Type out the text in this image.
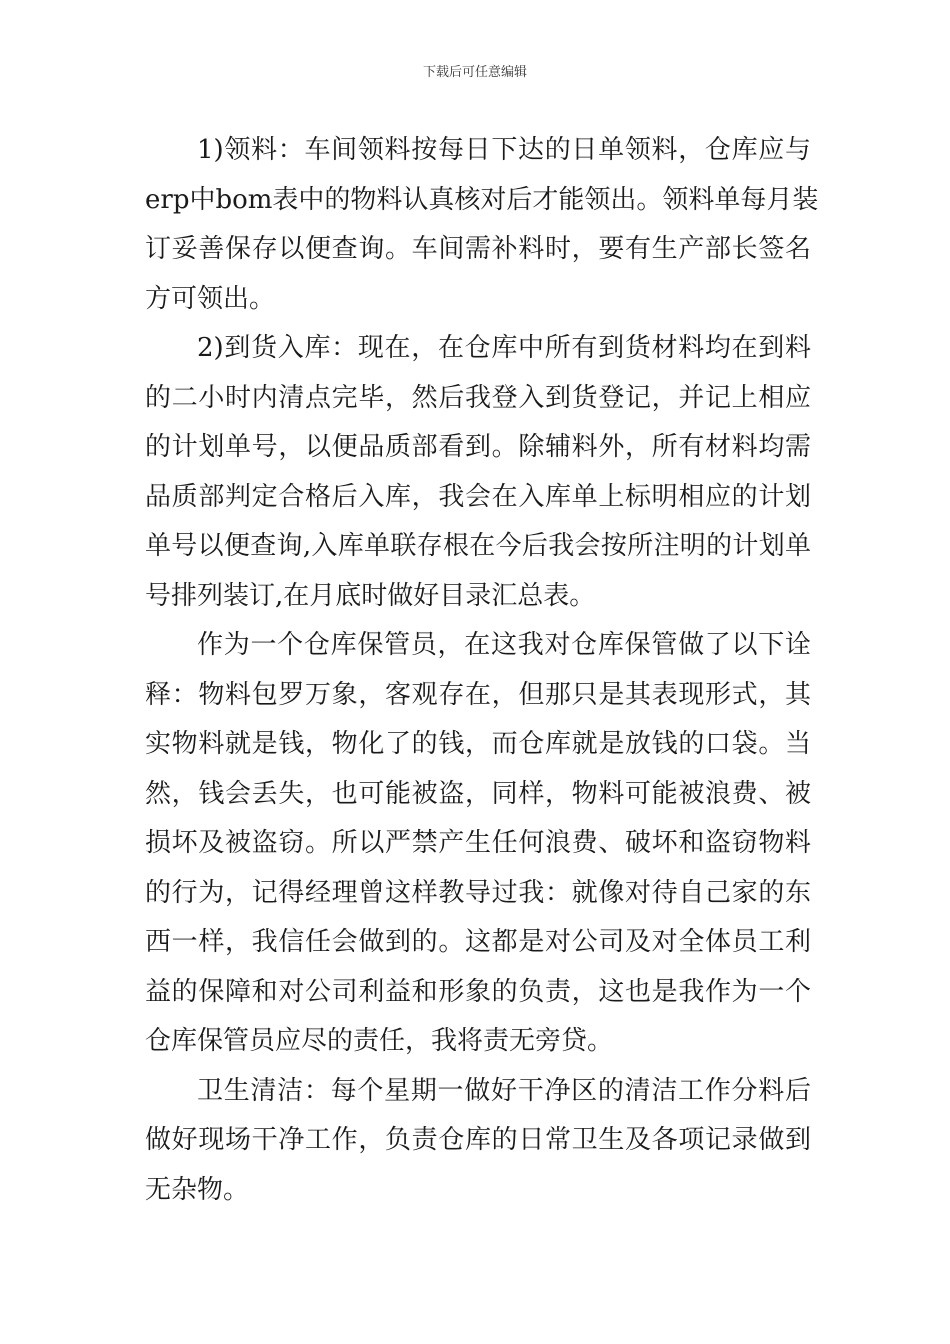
下载后可任意编辑
1)领料：车间领料按每日下达的日单领料，仓库应与
erp中bom表中的物料认真核对后才能领出。领料单每月装
订妥善保存以便查询。车间需补料时，要有生产部长签名
方可领出。
2)到货入库：现在，在仓库中所有到货材料均在到料
的二小时内清点完毕，然后我登入到货登记，并记上相应
的计划单号，以便品质部看到。除辅料外，所有材料均需
品质部判定合格后入库，我会在入库单上标明相应的计划
单号以便查询,入库单联存根在今后我会按所注明的计划单
号排列装订,在月底时做好目录汇总表。
作为一个仓库保管员，在这我对仓库保管做了以下诠
释：物料包罗万象，客观存在，但那只是其表现形式，其
实物料就是钱，物化了的钱，而仓库就是放钱的口袋。当
然，钱会丢失，也可能被盗，同样，物料可能被浪费、被
损坏及被盗窃。所以严禁产生任何浪费、破坏和盗窃物料
的行为，记得经理曾这样教导过我：就像对待自己家的东
西一样，我信任会做到的。这都是对公司及对全体员工利
益的保障和对公司利益和形象的负责，这也是我作为一个
仓库保管员应尽的责任，我将责无旁贷。
卫生清洁：每个星期一做好干净区的清洁工作分料后
做好现场干净工作，负责仓库的日常卫生及各项记录做到
无杂物。
